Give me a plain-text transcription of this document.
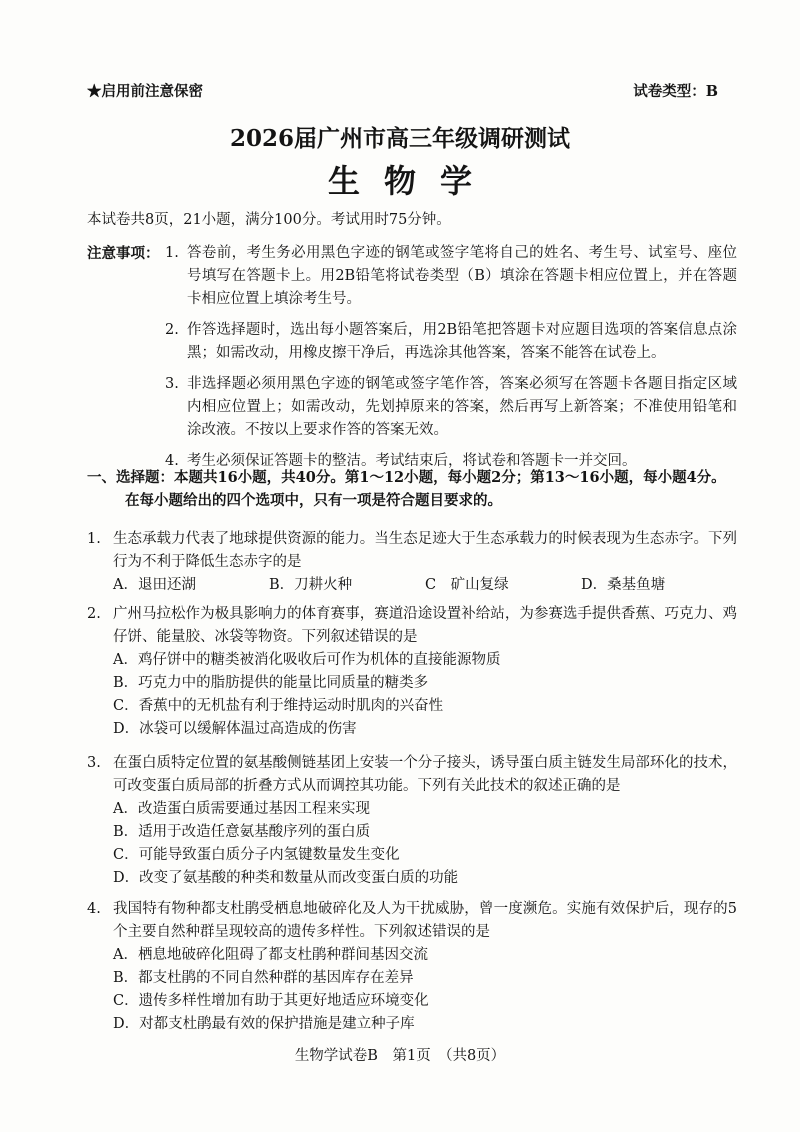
★启用前注意保密	试卷类型：B
2026届广州市高三年级调研测试
生物学
本试卷共8页，21小题，满分100分。考试用时75分钟。
注意事项： 1. 答卷前，考生务必用黑色字迹的钢笔或签字笔将自己的姓名、考生号、试室号、座位号填写在答题卡上。用2B铅笔将试卷类型（B）填涂在答题卡相应位置上，并在答题卡相应位置上填涂考生号。
2. 作答选择题时，选出每小题答案后，用2B铅笔把答题卡对应题目选项的答案信息点涂黑；如需改动，用橡皮擦干净后，再选涂其他答案，答案不能答在试卷上。
3. 非选择题必须用黑色字迹的钢笔或签字笔作答，答案必须写在答题卡各题目指定区域内相应位置上；如需改动，先划掉原来的答案，然后再写上新答案；不准使用铅笔和涂改液。不按以上要求作答的答案无效。
4. 考生必须保证答题卡的整洁。考试结束后，将试卷和答题卡一并交回。
一、选择题：本题共16小题，共40分。第1～12小题，每小题2分；第13～16小题，每小题4分。
在每小题给出的四个选项中，只有一项是符合题目要求的。
1. 生态承载力代表了地球提供资源的能力。当生态足迹大于生态承载力的时候表现为生态赤字。下列行为不利于降低生态赤字的是
A．退田还湖	B．刀耕火种	C　矿山复绿	D．桑基鱼塘
2. 广州马拉松作为极具影响力的体育赛事，赛道沿途设置补给站，为参赛选手提供香蕉、巧克力、鸡仔饼、能量胶、冰袋等物资。下列叙述错误的是
A．鸡仔饼中的糖类被消化吸收后可作为机体的直接能源物质
B．巧克力中的脂肪提供的能量比同质量的糖类多
C．香蕉中的无机盐有利于维持运动时肌肉的兴奋性
D．冰袋可以缓解体温过高造成的伤害
3. 在蛋白质特定位置的氨基酸侧链基团上安装一个分子接头，诱导蛋白质主链发生局部环化的技术，可改变蛋白质局部的折叠方式从而调控其功能。下列有关此技术的叙述正确的是
A．改造蛋白质需要通过基因工程来实现
B．适用于改造任意氨基酸序列的蛋白质
C．可能导致蛋白质分子内氢键数量发生变化
D．改变了氨基酸的种类和数量从而改变蛋白质的功能
4. 我国特有物种都支杜鹃受栖息地破碎化及人为干扰威胁，曾一度濒危。实施有效保护后，现存的5个主要自然种群呈现较高的遗传多样性。下列叙述错误的是
A．栖息地破碎化阻碍了都支杜鹃种群间基因交流
B．都支杜鹃的不同自然种群的基因库存在差异
C．遗传多样性增加有助于其更好地适应环境变化
D．对都支杜鹃最有效的保护措施是建立种子库
生物学试卷B　第1页　（共8页）
